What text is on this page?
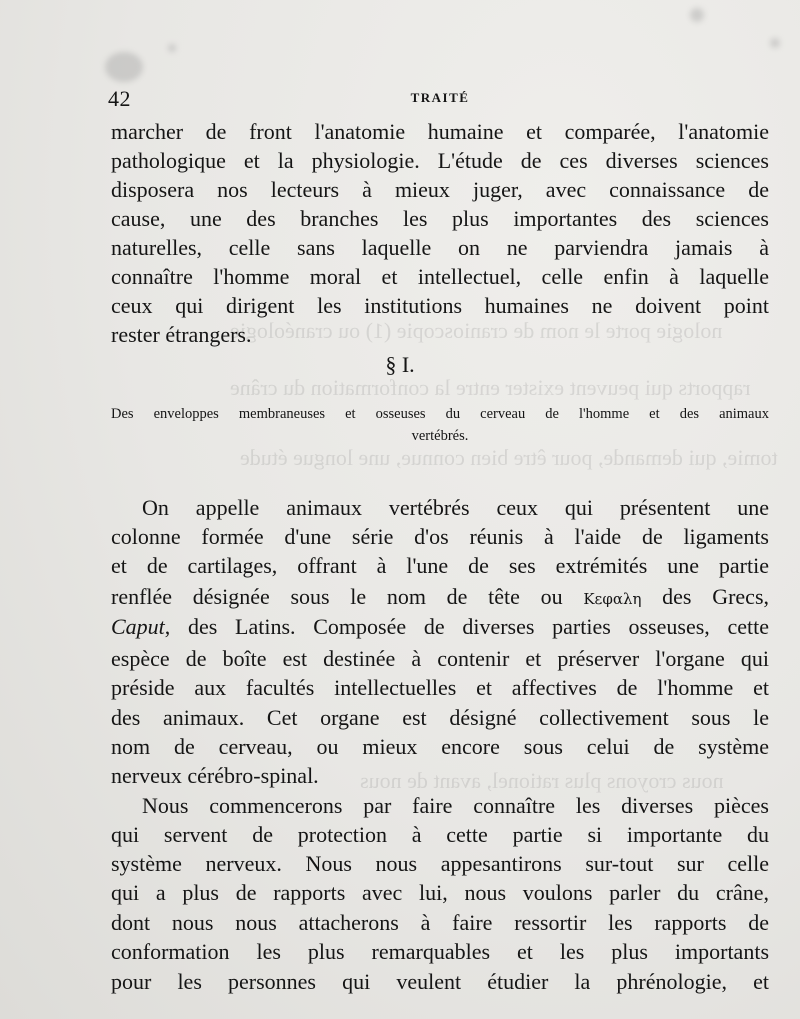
nologie porte le nom de cranioscopie (1) ou cranéologie
rapports qui peuvent exister entre la conformation du crâne
tomie, qui demande, pour être bien connue, une longue étude
nous croyons plus rationel, avant de nous
42	TRAITÉ
marcher de front l'anatomie humaine et comparée, l'anatomie
pathologique et la physiologie. L'étude de ces diverses sciences
disposera nos lecteurs à mieux juger, avec connaissance de
cause, une des branches les plus importantes des sciences
naturelles, celle sans laquelle on ne parviendra jamais à
connaître l'homme moral et intellectuel, celle enfin à laquelle
ceux qui dirigent les institutions humaines ne doivent point
rester étrangers.
§ I.
Des enveloppes membraneuses et osseuses du cerveau de l'homme et des animaux
vertébrés.
On appelle animaux vertébrés ceux qui présentent une
colonne formée d'une série d'os réunis à l'aide de ligaments
et de cartilages, offrant à l'une de ses extrémités une partie
renflée désignée sous le nom de tête ou Κεφαλη des Grecs,
Caput, des Latins. Composée de diverses parties osseuses, cette
espèce de boîte est destinée à contenir et préserver l'organe qui
préside aux facultés intellectuelles et affectives de l'homme et
des animaux. Cet organe est désigné collectivement sous le
nom de cerveau, ou mieux encore sous celui de système
nerveux cérébro-spinal.
Nous commencerons par faire connaître les diverses pièces
qui servent de protection à cette partie si importante du
système nerveux. Nous nous appesantirons sur-tout sur celle
qui a plus de rapports avec lui, nous voulons parler du crâne,
dont nous nous attacherons à faire ressortir les rapports de
conformation les plus remarquables et les plus importants
pour les personnes qui veulent étudier la phrénologie, et
